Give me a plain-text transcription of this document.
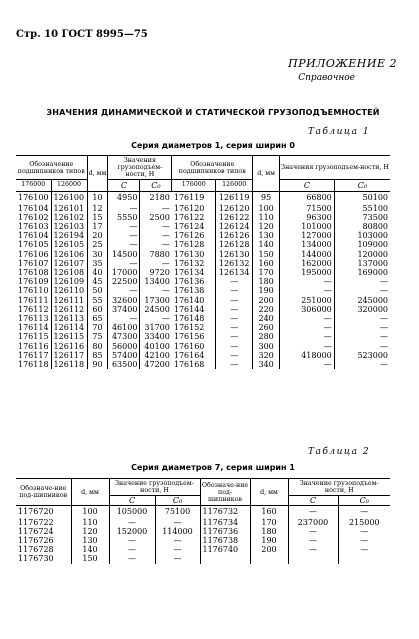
Стр. 10 ГОСТ 8995—75
ПРИЛОЖЕНИЕ 2
Справочное
ЗНАЧЕНИЯ ДИНАМИЧЕСКОЙ И СТАТИЧЕСКОЙ ГРУЗОПОДЪЕМНОСТЕЙ
Таблица 1
Серия диаметров 1, серия ширин 0
Обозначение подшипников типов		d, мм	Значения грузоподъем-ности, Н		Обозначение подшипников типов		d, мм	Значения грузоподъем-ности, Н	
176000	126000		C	C₀	176000	126000		C	C₀

176100	126100	10	4950	2180	176119	126119	95	66800	50100
176104	126101	12	—	—	176120	126120	100	71500	55100
176102	126102	15	5550	2500	176122	126122	110	96300	73500
176103	126103	17	—	—	176124	126124	120	101000	80800
176104	126194	20	—	—	176126	126126	130	127000	103000
176105	126105	25	—	—	176128	126128	140	134000	109000
176106	126106	30	14500	7880	176130	126130	150	144000	120000
176107	126107	35	—	—	176132	126132	160	162000	137000
176108	126108	40	17000	9720	176134	126134	170	195000	169000
176109	126109	45	22500	13400	176136	—	180	—	—
176110	126110	50	—	—	176138	—	190	—	—
176111	126111	55	32600	17300	176140	—	200	251000	245000
176112	126112	60	37400	24500	176144	—	220	306000	320000
176113	126113	65	—	—	176148	—	240	—	—
176114	126114	70	46100	31700	176152	—	260	—	—
176115	126115	75	47300	33400	176156	—	280	—	—
176116	126116	80	56000	40100	176160	—	300	—	—
176117	126117	85	57400	42100	176164	—	320	418000	523000
176118	126118	90	63500	47200	176168	—	340	—	—
Таблица 2
Серия диаметров 7, серия ширин 1
Обозначе-ние под-шипников	d, мм	Значение грузоподъем-ности, Н		Обозначе-ние под-шипников	d, мм	Значение грузоподъем-ности, Н	
		C	C₀			C	C₀
1176720	100	105000	75100	1176732	160	—	—
1176722	110	—	—	1176734	170	237000	215000
1176724	120	152000	114000	1176736	180	—	—
1176726	130	—	—	1176738	190	—	—
1176728	140	—	—	1176740	200	—	—
1176730	150	—	—				
